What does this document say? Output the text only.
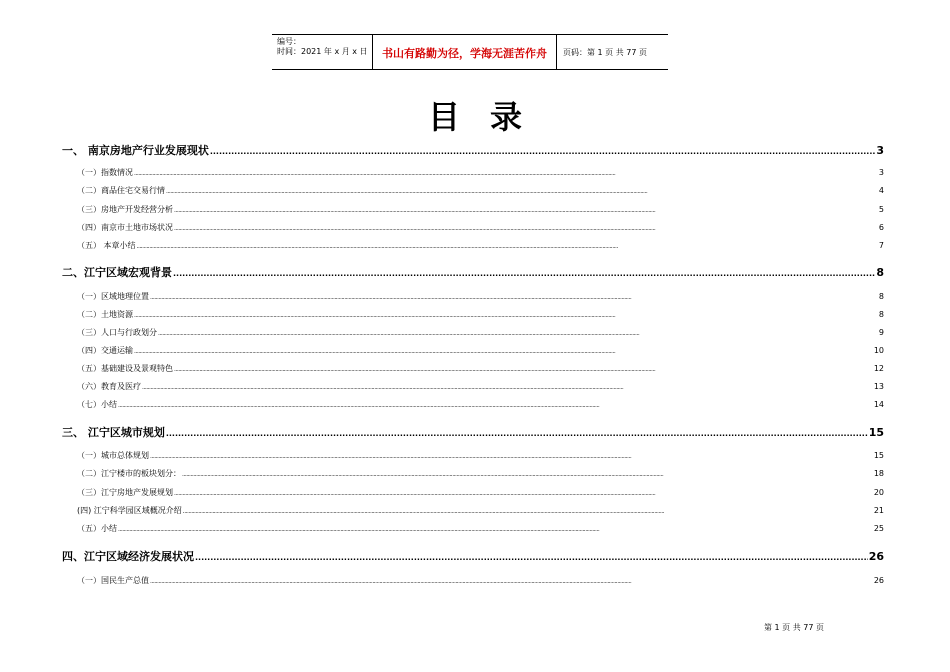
编号：
时间：2021 年 x 月 x 日	书山有路勤为径，学海无涯苦作舟	页码：第 1 页 共 77 页
目录
一、 南京房地产行业发展现状 .....	3
（一）指数情况 .....	3
（二）商品住宅交易行情 .....	4
（三）房地产开发经营分析 .....	5
（四）南京市土地市场状况 .....	6
（五） 本章小结 .....	7
二、江宁区域宏观背景 .....	8
（一）区域地理位置 .....	8
（二）土地资源 .....	8
（三）人口与行政划分 .....	9
（四）交通运输 .....	10
（五）基础建设及景观特色 .....	12
（六）教育及医疗 .....	13
（七）小结 .....	14
三、 江宁区城市规划 .....	15
（一）城市总体规划 .....	15
（二）江宁楼市的板块划分： .....	18
（三）江宁房地产发展规划 .....	20
(四) 江宁科学园区域概况介绍 .....	21
（五）小结 .....	25
四、江宁区域经济发展状况 .....	26
（一）国民生产总值 .....	26
第 1 页 共 77 页
